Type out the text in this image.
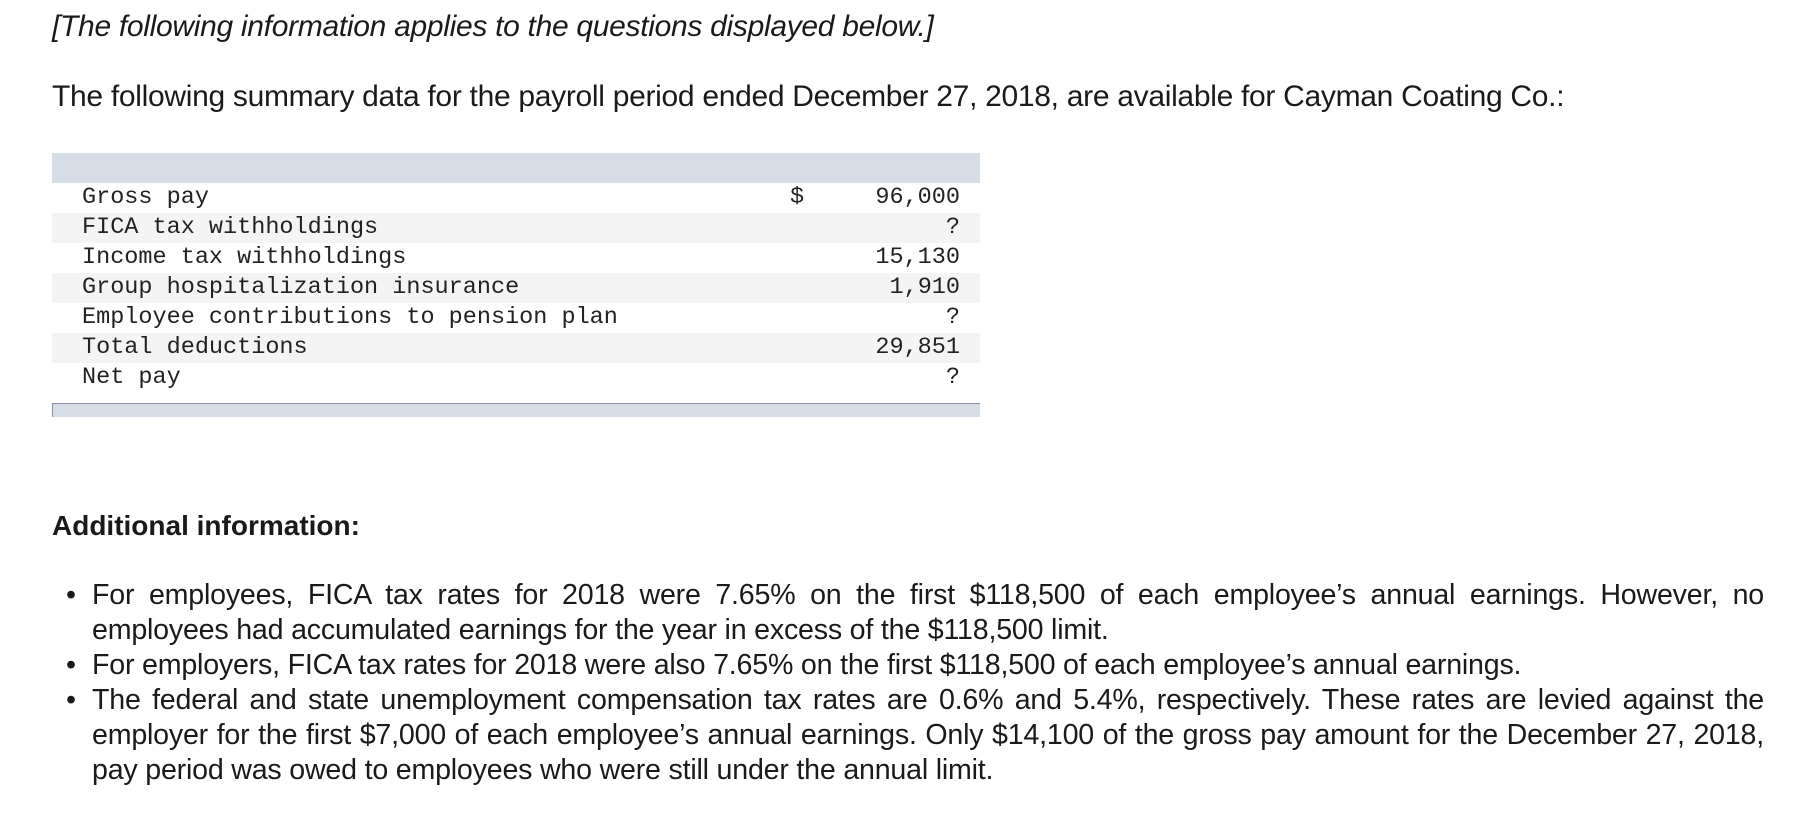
[The following information applies to the questions displayed below.]
The following summary data for the payroll period ended December 27, 2018, are available for Cayman Coating Co.:
Gross pay	$	96,000
FICA tax withholdings		?
Income tax withholdings		15,130
Group hospitalization insurance		1,910
Employee contributions to pension plan		?
Total deductions		29,851
Net pay		?

Additional information:
• For employees, FICA tax rates for 2018 were 7.65% on the first $118,500 of each employee’s annual earnings. However, no employees had accumulated earnings for the year in excess of the $118,500 limit.
• For employers, FICA tax rates for 2018 were also 7.65% on the first $118,500 of each employee’s annual earnings.
• The federal and state unemployment compensation tax rates are 0.6% and 5.4%, respectively. These rates are levied against the employer for the first $7,000 of each employee’s annual earnings. Only $14,100 of the gross pay amount for the December 27, 2018, pay period was owed to employees who were still under the annual limit.
